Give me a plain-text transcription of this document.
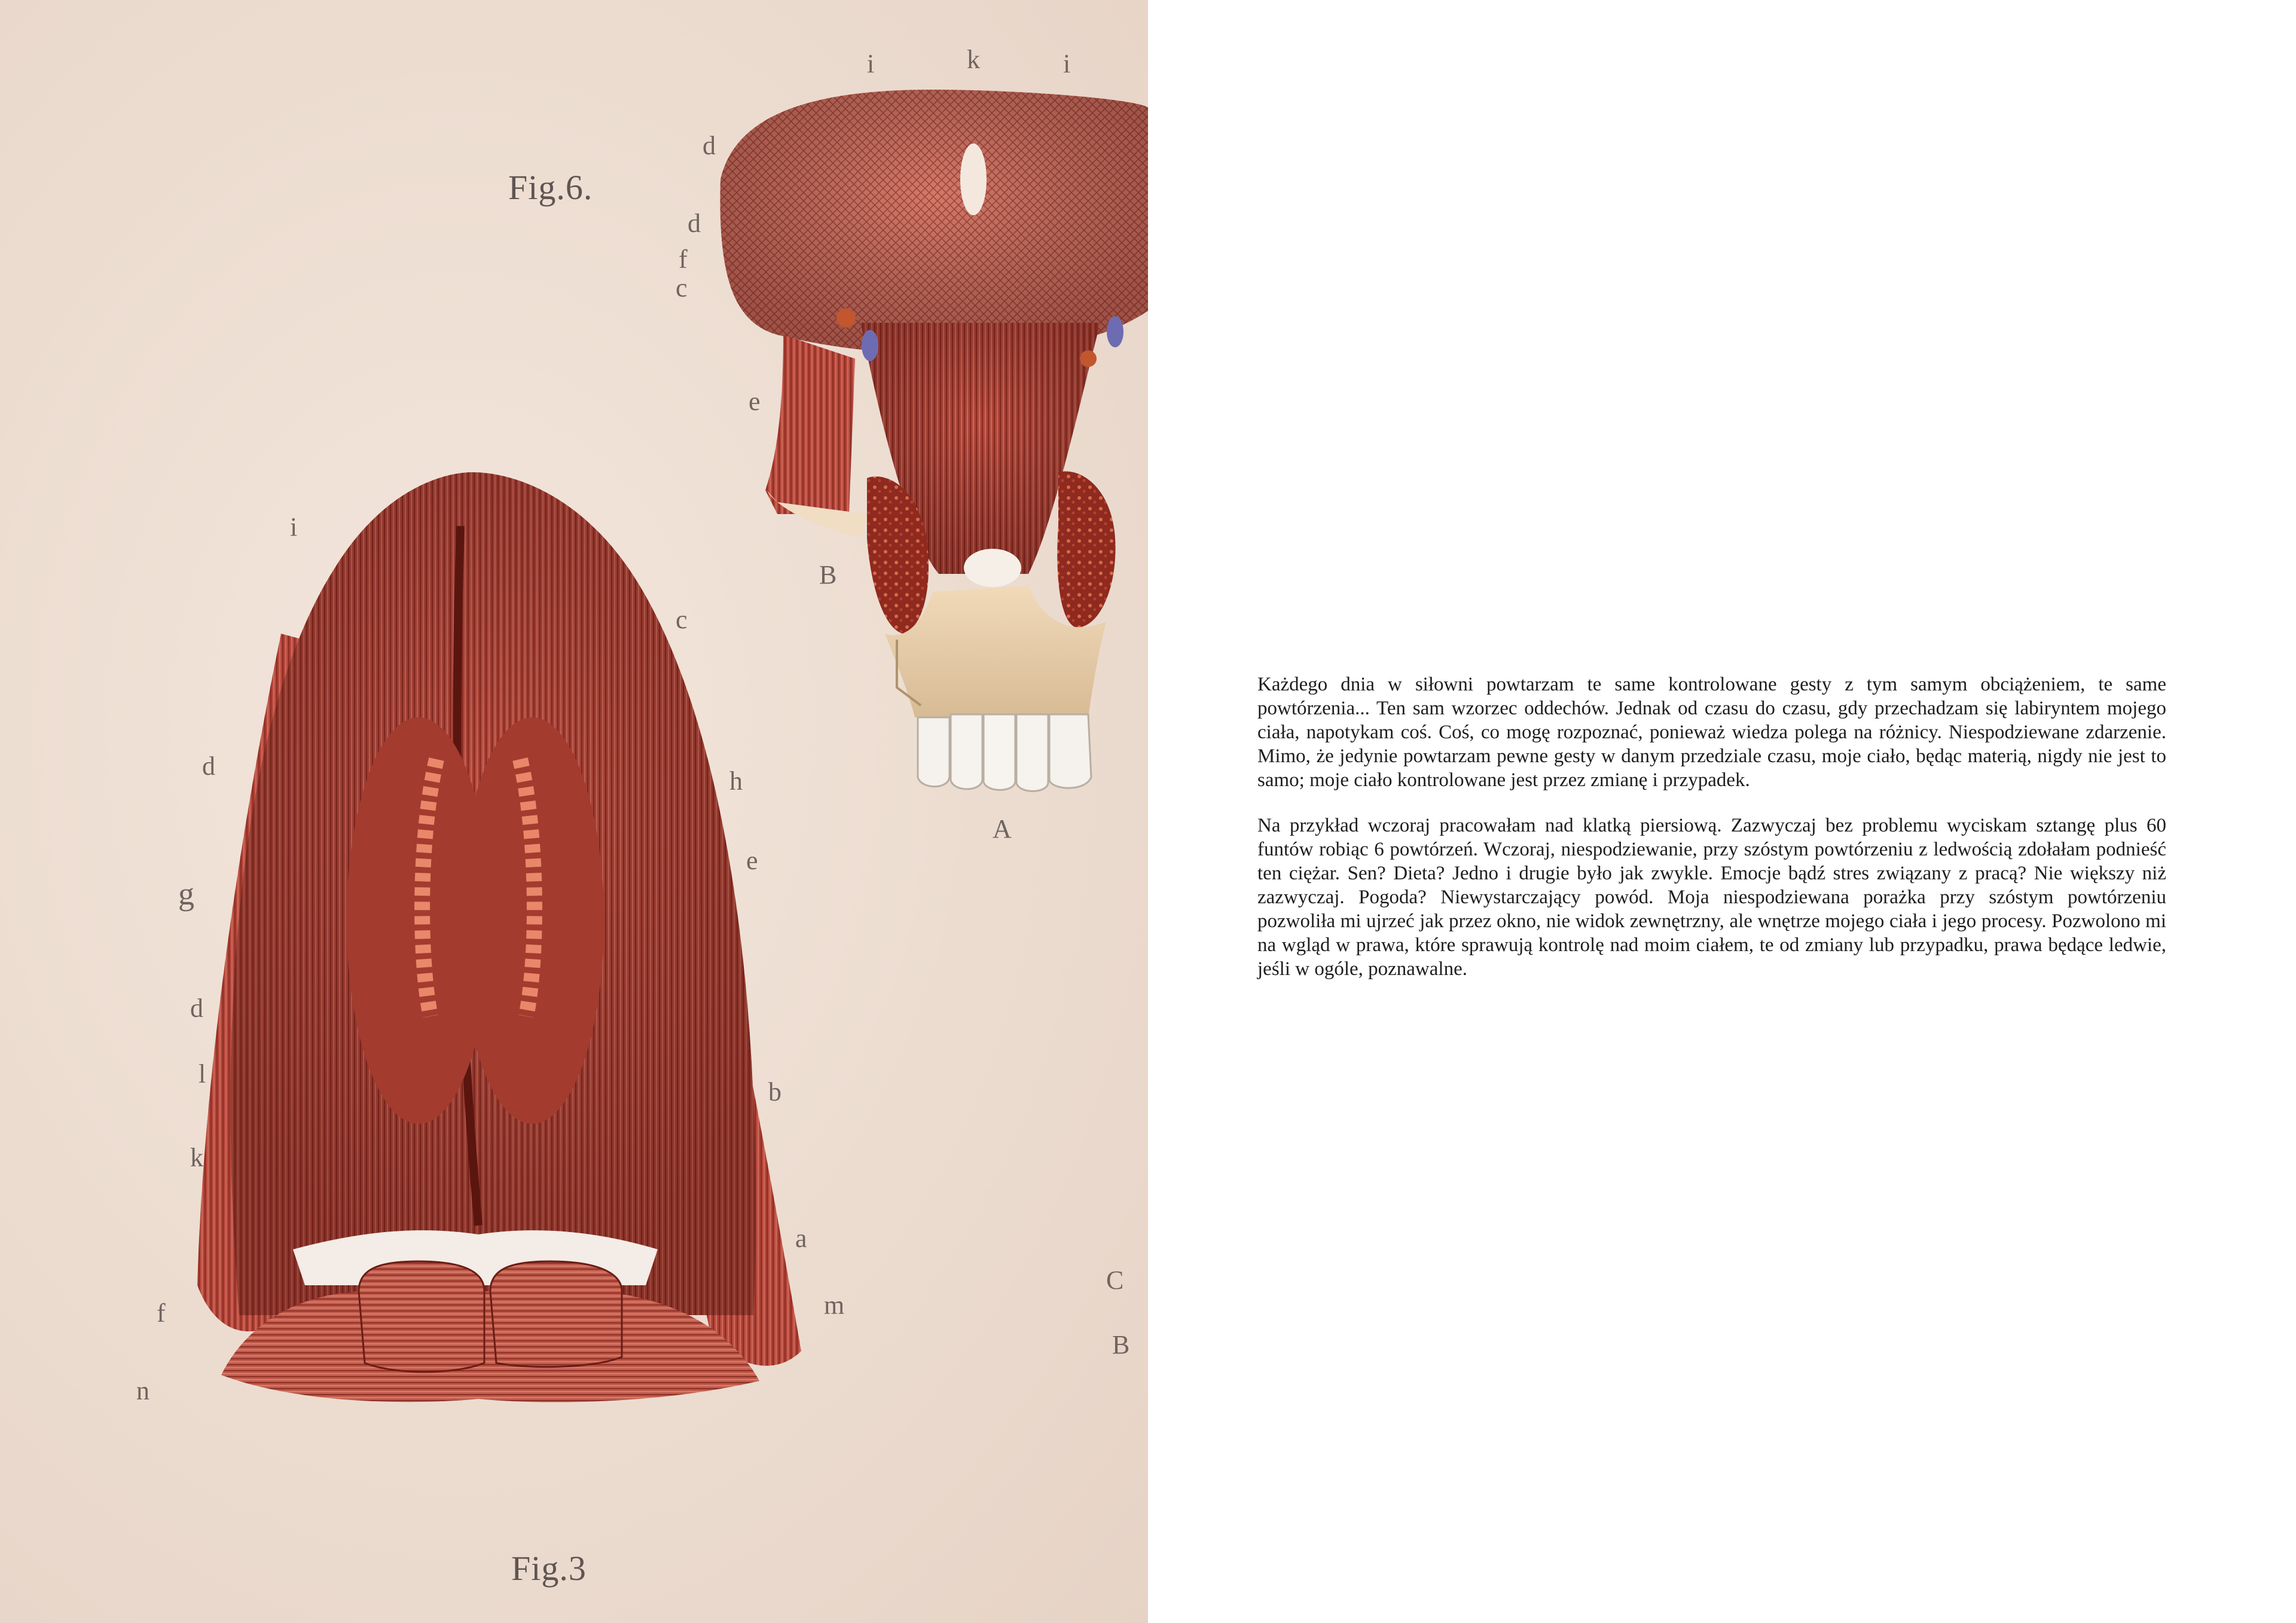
Fig.6.
Fig.3
i	k	i
d
d
f
c
e
B
A
i
c
d
h
e
g
d
l
b
k
a
f	m
n
C
B

Każdego dnia w siłowni powtarzam te same kontrolowane gesty z tym samym obciążeniem, te same powtórzenia... Ten sam wzorzec oddechów. Jednak od czasu do czasu, gdy przechadzam się labiryntem mojego ciała, napotykam coś. Coś, co mogę rozpoznać, ponieważ wiedza polega na różnicy. Niespodziewane zdarzenie. Mimo, że jedynie powtarzam pewne gesty w danym przedziale czasu, moje ciało, będąc materią, nigdy nie jest to samo; moje ciało kontrolowane jest przez zmianę i przypadek.

Na przykład wczoraj pracowałam nad klatką piersiową. Zazwyczaj bez problemu wyciskam sztangę plus 60 funtów robiąc 6 powtórzeń. Wczoraj, niespodziewanie, przy szóstym powtórzeniu z ledwością zdołałam podnieść ten ciężar. Sen? Dieta? Jedno i drugie było jak zwykle. Emocje bądź stres związany z pracą? Nie większy niż zazwyczaj. Pogoda? Niewystarczający powód. Moja niespodziewana porażka przy szóstym powtórzeniu pozwoliła mi ujrzeć jak przez okno, nie widok zewnętrzny, ale wnętrze mojego ciała i jego procesy. Pozwolono mi na wgląd w prawa, które sprawują kontrolę nad moim ciałem, te od zmiany lub przypadku, prawa będące ledwie, jeśli w ogóle, poznawalne.
